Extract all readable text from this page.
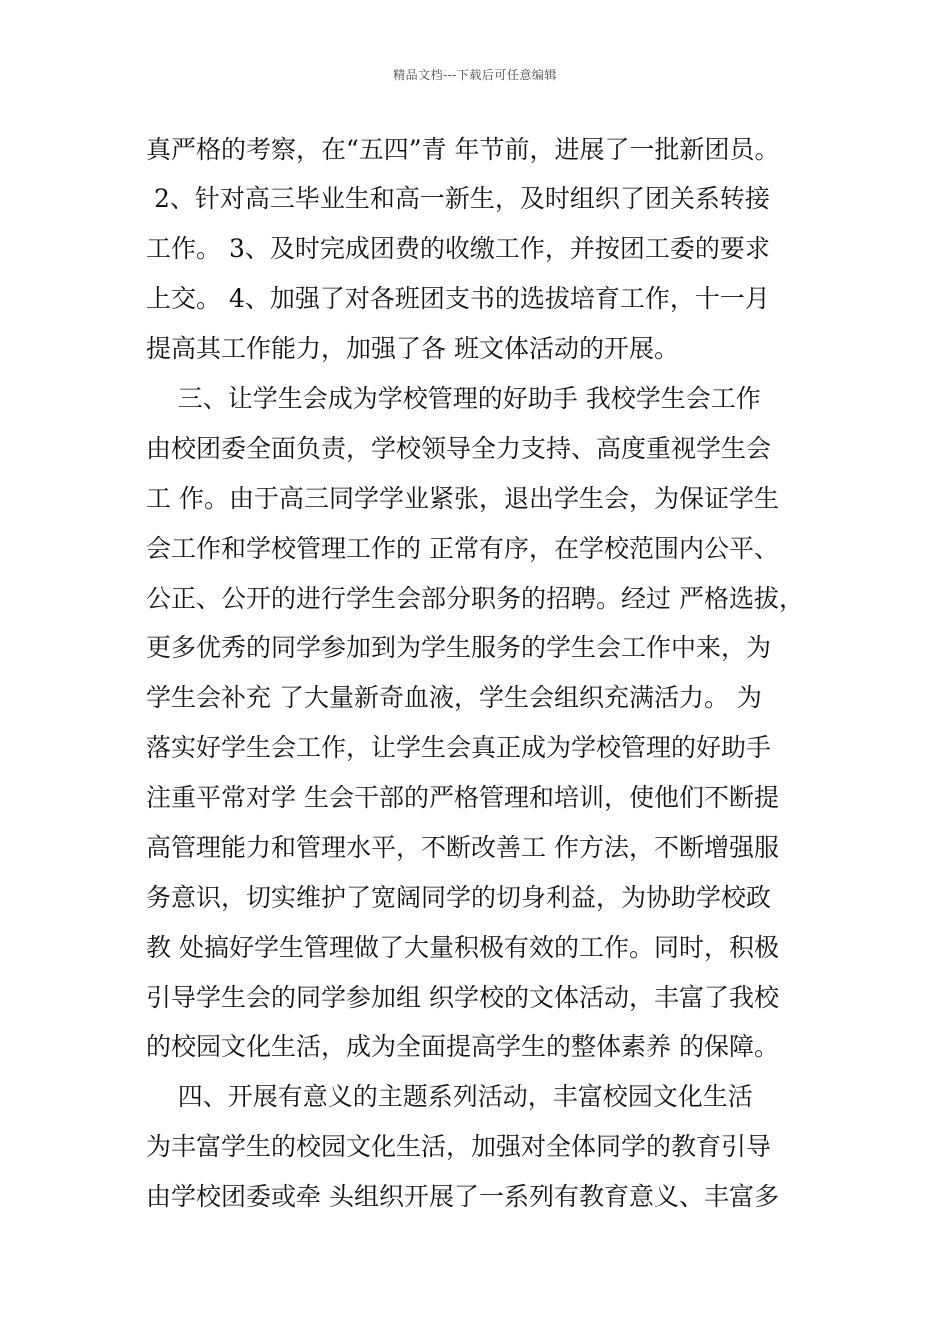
精品文档---下载后可任意编辑
真严格的考察，在“五四”青 年节前，进展了一批新团员。
2、针对高三毕业生和高一新生，及时组织了团关系转接
工作。 3、及时完成团费的收缴工作，并按团工委的要求
上交。 4、加强了对各班团支书的选拔培育工作，十一月
提高其工作能力，加强了各 班文体活动的开展。
三、让学生会成为学校管理的好助手 我校学生会工作
由校团委全面负责，学校领导全力支持、高度重视学生会
工 作。由于高三同学学业紧张，退出学生会，为保证学生
会工作和学校管理工作的 正常有序，在学校范围内公平、
公正、公开的进行学生会部分职务的招聘。经过 严格选拔，
更多优秀的同学参加到为学生服务的学生会工作中来，为
学生会补充 了大量新奇血液，学生会组织充满活力。 为
落实好学生会工作，让学生会真正成为学校管理的好助手
注重平常对学 生会干部的严格管理和培训，使他们不断提
高管理能力和管理水平，不断改善工 作方法，不断增强服
务意识，切实维护了宽阔同学的切身利益，为协助学校政
教 处搞好学生管理做了大量积极有效的工作。同时，积极
引导学生会的同学参加组 织学校的文体活动，丰富了我校
的校园文化生活，成为全面提高学生的整体素养 的保障。
四、开展有意义的主题系列活动，丰富校园文化生活
为丰富学生的校园文化生活，加强对全体同学的教育引导
由学校团委或牵 头组织开展了一系列有教育意义、丰富多
